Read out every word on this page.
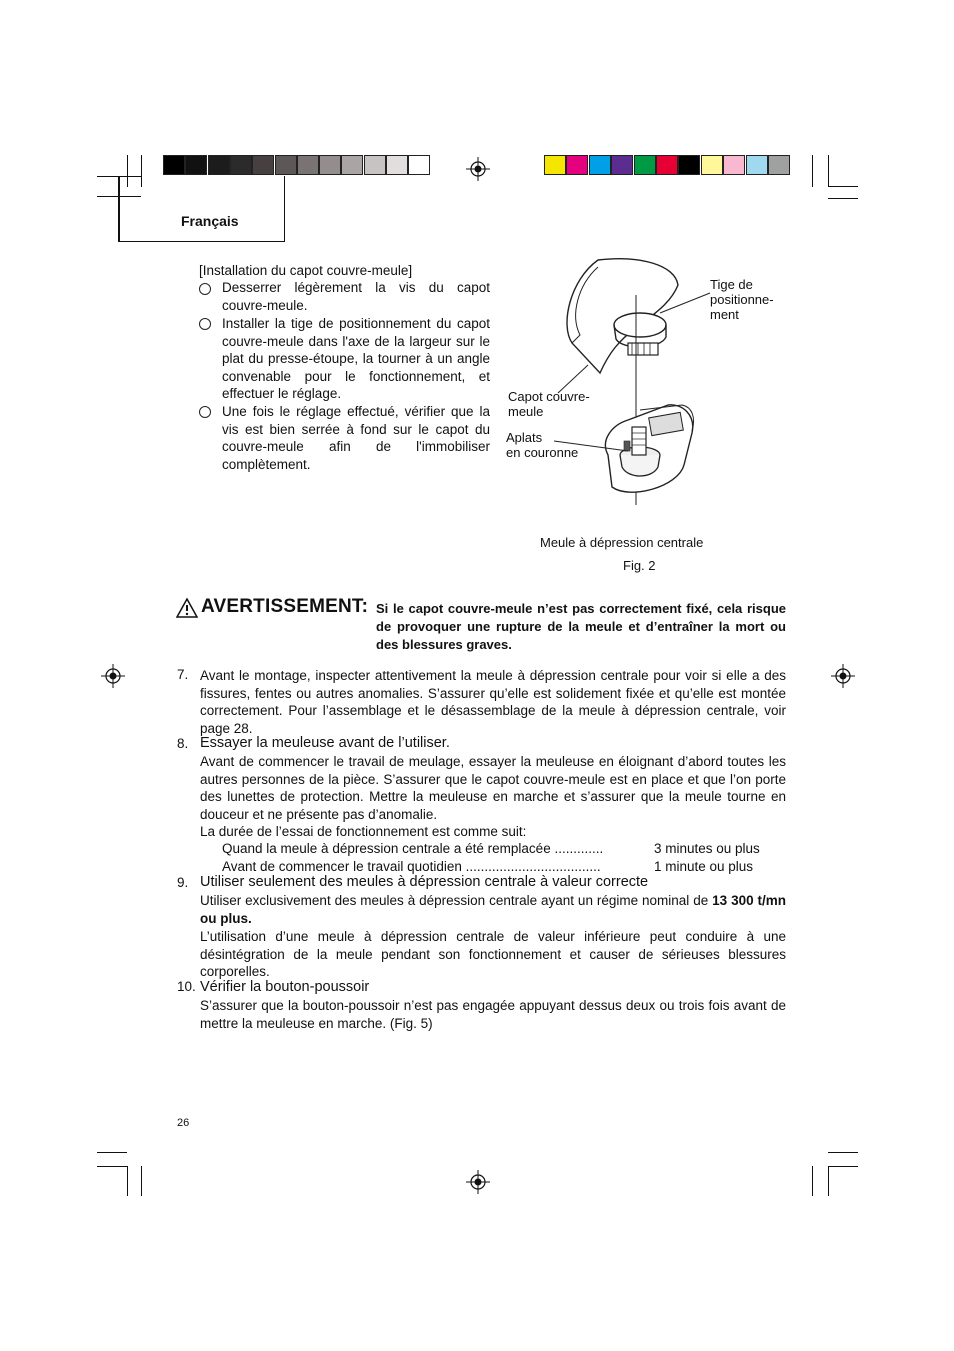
Français
[Installation du capot couvre-meule]
Desserrer légèrement la vis du capot couvre-meule.
Installer la tige de positionnement du capot couvre-meule dans l'axe de la largeur sur le plat du presse-étoupe, la tourner à un angle convenable pour le fonctionnement, et effectuer le réglage.
Une fois le réglage effectué, vérifier que la vis est bien serrée à fond sur le capot du couvre-meule afin de l'immobiliser complètement.
Tige de
positionne-
ment
Capot couvre-
meule
Aplats
en couronne
Meule à dépression centrale
Fig. 2
AVERTISSEMENT: Si le capot couvre-meule n’est pas correctement fixé, cela risque de provoquer une rupture de la meule et d’entraîner la mort ou des blessures graves.
7. Avant le montage, inspecter attentivement la meule à dépression centrale pour voir si elle a des fissures, fentes ou autres anomalies. S’assurer qu’elle est solidement fixée et qu’elle est montée correctement. Pour l’assemblage et le désassemblage de la meule à dépression centrale, voir page 28.
8. Essayer la meuleuse avant de l’utiliser.
Avant de commencer le travail de meulage, essayer la meuleuse en éloignant d’abord toutes les autres personnes de la pièce. S’assurer que le capot couvre-meule est en place et que l’on porte des lunettes de protection. Mettre la meuleuse en marche et s’assurer que la meule tourne en douceur et ne présente pas d’anomalie.
La durée de l’essai de fonctionnement est comme suit:
Quand la meule à dépression centrale a été remplacée .............	3 minutes ou plus
Avant de commencer le travail quotidien ....................................	1 minute ou plus
9. Utiliser seulement des meules à dépression centrale à valeur correcte
Utiliser exclusivement des meules à dépression centrale ayant un régime nominal de 13 300 t/mn ou plus.
L’utilisation d’une meule à dépression centrale de valeur inférieure peut conduire à une désintégration de la meule pendant son fonctionnement et causer de sérieuses blessures corporelles.
10. Vérifier la bouton-poussoir
S’assurer que la bouton-poussoir n’est pas engagée appuyant dessus deux ou trois fois avant de mettre la meuleuse en marche. (Fig. 5)
26
